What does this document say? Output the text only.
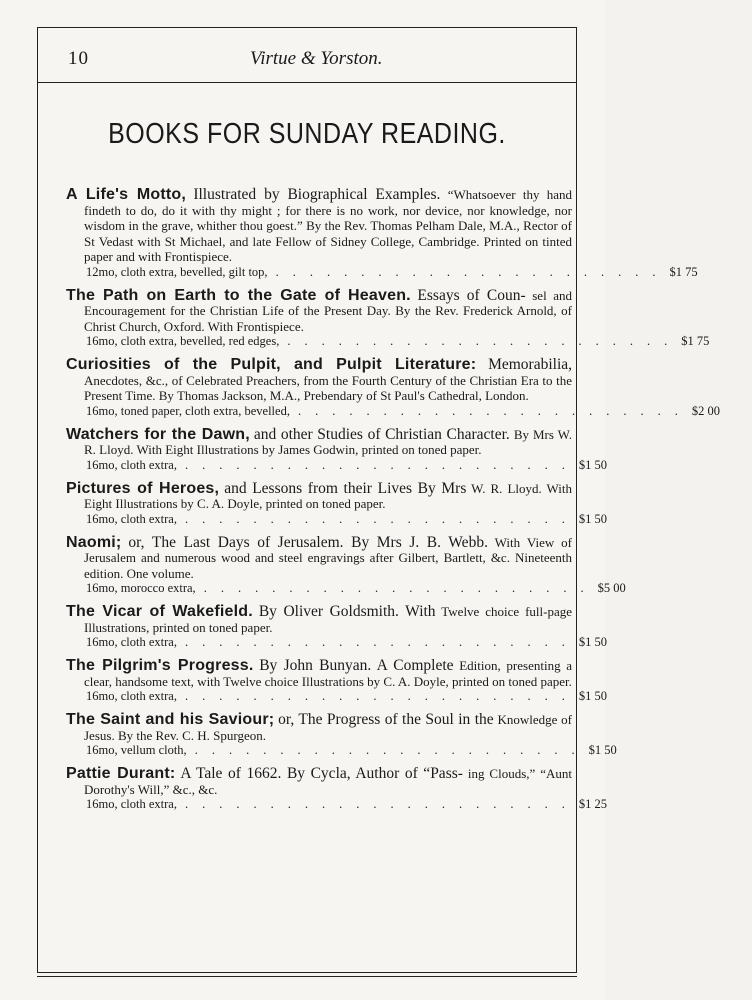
10	Virtue & Yorston.
BOOKS FOR SUNDAY READING.
A Life's Motto, Illustrated by Biographical Examples. “Whatsoever thy hand findeth to do, do it with thy might ; for there is no work, nor device, nor knowledge, nor wisdom in the grave, whither thou goest.” By the Rev. Thomas Pelham Dale, M.A., Rector of St Vedast with St Michael, and late Fellow of Sidney College, Cambridge. Printed on tinted paper and with Frontispiece.
12mo, cloth extra, bevelled, gilt top, ....................... $1 75
The Path on Earth to the Gate of Heaven. Essays of Coun- sel and Encouragement for the Christian Life of the Present Day. By the Rev. Frederick Arnold, of Christ Church, Oxford. With Frontispiece.
16mo, cloth extra, bevelled, red edges, ....................... $1 75
Curiosities of the Pulpit, and Pulpit Literature: Memorabilia, Anecdotes, &c., of Celebrated Preachers, from the Fourth Century of the Christian Era to the Present Time. By Thomas Jackson, M.A., Prebendary of St Paul's Cathedral, London.
16mo, toned paper, cloth extra, bevelled, ....................... $2 00
Watchers for the Dawn, and other Studies of Christian Character. By Mrs W. R. Lloyd. With Eight Illustrations by James Godwin, printed on toned paper.
16mo, cloth extra, ....................... $1 50
Pictures of Heroes, and Lessons from their Lives By Mrs W. R. Lloyd. With Eight Illustrations by C. A. Doyle, printed on toned paper.
16mo, cloth extra, ....................... $1 50
Naomi; or, The Last Days of Jerusalem. By Mrs J. B. Webb. With View of Jerusalem and numerous wood and steel engravings after Gilbert, Bartlett, &c. Nineteenth edition. One volume.
16mo, morocco extra, ....................... $5 00
The Vicar of Wakefield. By Oliver Goldsmith. With Twelve choice full-page Illustrations, printed on toned paper.
16mo, cloth extra, ....................... $1 50
The Pilgrim's Progress. By John Bunyan. A Complete Edition, presenting a clear, handsome text, with Twelve choice Illustrations by C. A. Doyle, printed on toned paper.
16mo, cloth extra, ....................... $1 50
The Saint and his Saviour; or, The Progress of the Soul in the Knowledge of Jesus. By the Rev. C. H. Spurgeon.
16mo, vellum cloth, ....................... $1 50
Pattie Durant: A Tale of 1662. By Cycla, Author of “Pass- ing Clouds,” “Aunt Dorothy's Will,” &c., &c.
16mo, cloth extra, ....................... $1 25
